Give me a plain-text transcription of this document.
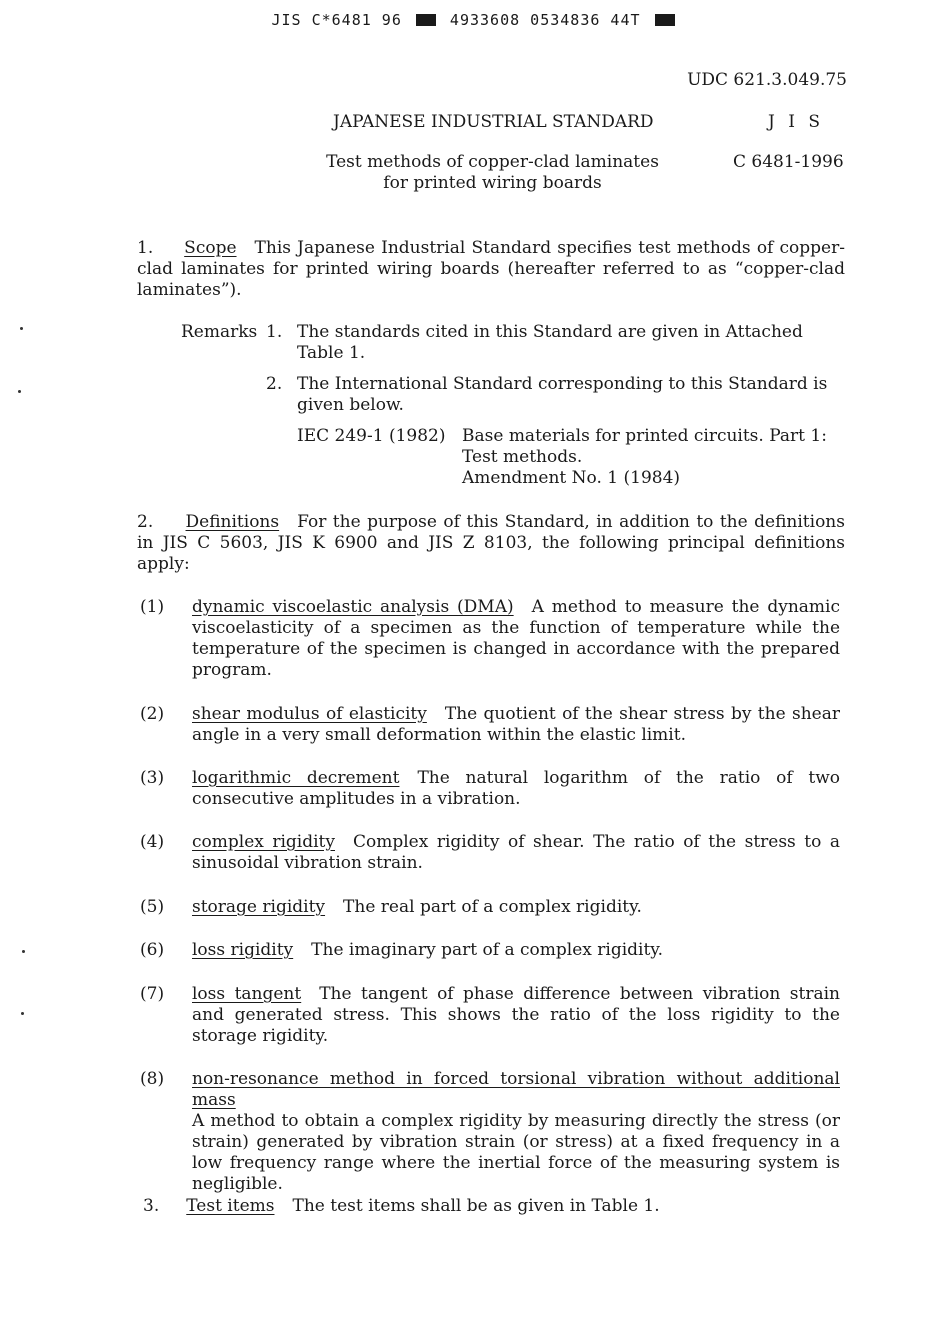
JIS C*6481 96	4933608 0534836 44T
UDC 621.3.049.75
JAPANESE INDUSTRIAL STANDARD	J I S
Test methods of copper-clad laminates
for printed wiring boards
C 6481-1996
1. Scope This Japanese Industrial Standard specifies test methods of copper-clad laminates for printed wiring boards (hereafter referred to as “copper-clad laminates”).
Remarks 1. The standards cited in this Standard are given in Attached Table 1.
2. The International Standard corresponding to this Standard is given below.
IEC 249-1 (1982) Base materials for printed circuits. Part 1: Test methods.
Amendment No. 1 (1984)
2. Definitions For the purpose of this Standard, in addition to the definitions in JIS C 5603, JIS K 6900 and JIS Z 8103, the following principal definitions apply:
(1) dynamic viscoelastic analysis (DMA) A method to measure the dynamic viscoelasticity of a specimen as the function of temperature while the temperature of the specimen is changed in accordance with the prepared program.
(2) shear modulus of elasticity The quotient of the shear stress by the shear angle in a very small deformation within the elastic limit.
(3) logarithmic decrement The natural logarithm of the ratio of two consecutive amplitudes in a vibration.
(4) complex rigidity Complex rigidity of shear. The ratio of the stress to a sinusoidal vibration strain.
(5) storage rigidity The real part of a complex rigidity.
(6) loss rigidity The imaginary part of a complex rigidity.
(7) loss tangent The tangent of phase difference between vibration strain and generated stress. This shows the ratio of the loss rigidity to the storage rigidity.
(8) non-resonance method in forced torsional vibration without additional mass
A method to obtain a complex rigidity by measuring directly the stress (or strain) generated by vibration strain (or stress) at a fixed frequency in a low frequency range where the inertial force of the measuring system is negligible.
3. Test items The test items shall be as given in Table 1.
